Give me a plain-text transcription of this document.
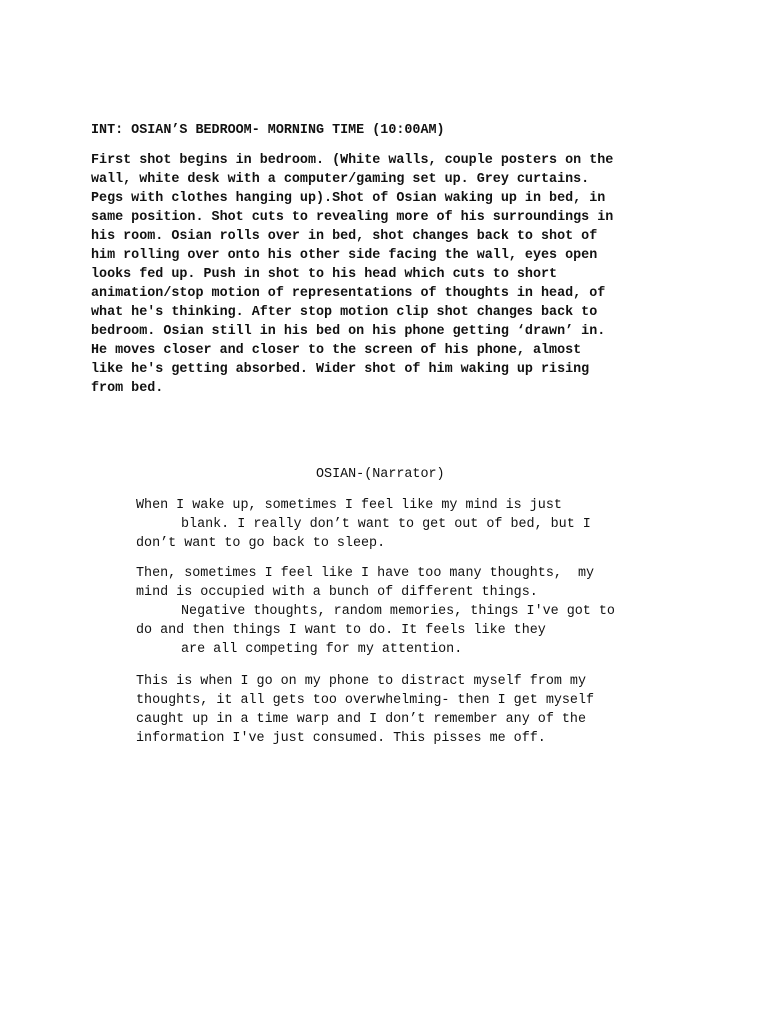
INT: OSIAN’S BEDROOM- MORNING TIME (10:00AM)
First shot begins in bedroom. (White walls, couple posters on the
wall, white desk with a computer/gaming set up. Grey curtains.
Pegs with clothes hanging up).Shot of Osian waking up in bed, in
same position. Shot cuts to revealing more of his surroundings in
his room. Osian rolls over in bed, shot changes back to shot of
him rolling over onto his other side facing the wall, eyes open
looks fed up. Push in shot to his head which cuts to short
animation/stop motion of representations of thoughts in head, of
what he's thinking. After stop motion clip shot changes back to
bedroom. Osian still in his bed on his phone getting ‘drawn’ in.
He moves closer and closer to the screen of his phone, almost
like he's getting absorbed. Wider shot of him waking up rising
from bed.
OSIAN-(Narrator)
When I wake up, sometimes I feel like my mind is just
blank. I really don’t want to get out of bed, but I
don’t want to go back to sleep.
Then, sometimes I feel like I have too many thoughts,  my
mind is occupied with a bunch of different things.
Negative thoughts, random memories, things I've got to
do and then things I want to do. It feels like they
are all competing for my attention.
This is when I go on my phone to distract myself from my
thoughts, it all gets too overwhelming- then I get myself
caught up in a time warp and I don’t remember any of the
information I've just consumed. This pisses me off.
